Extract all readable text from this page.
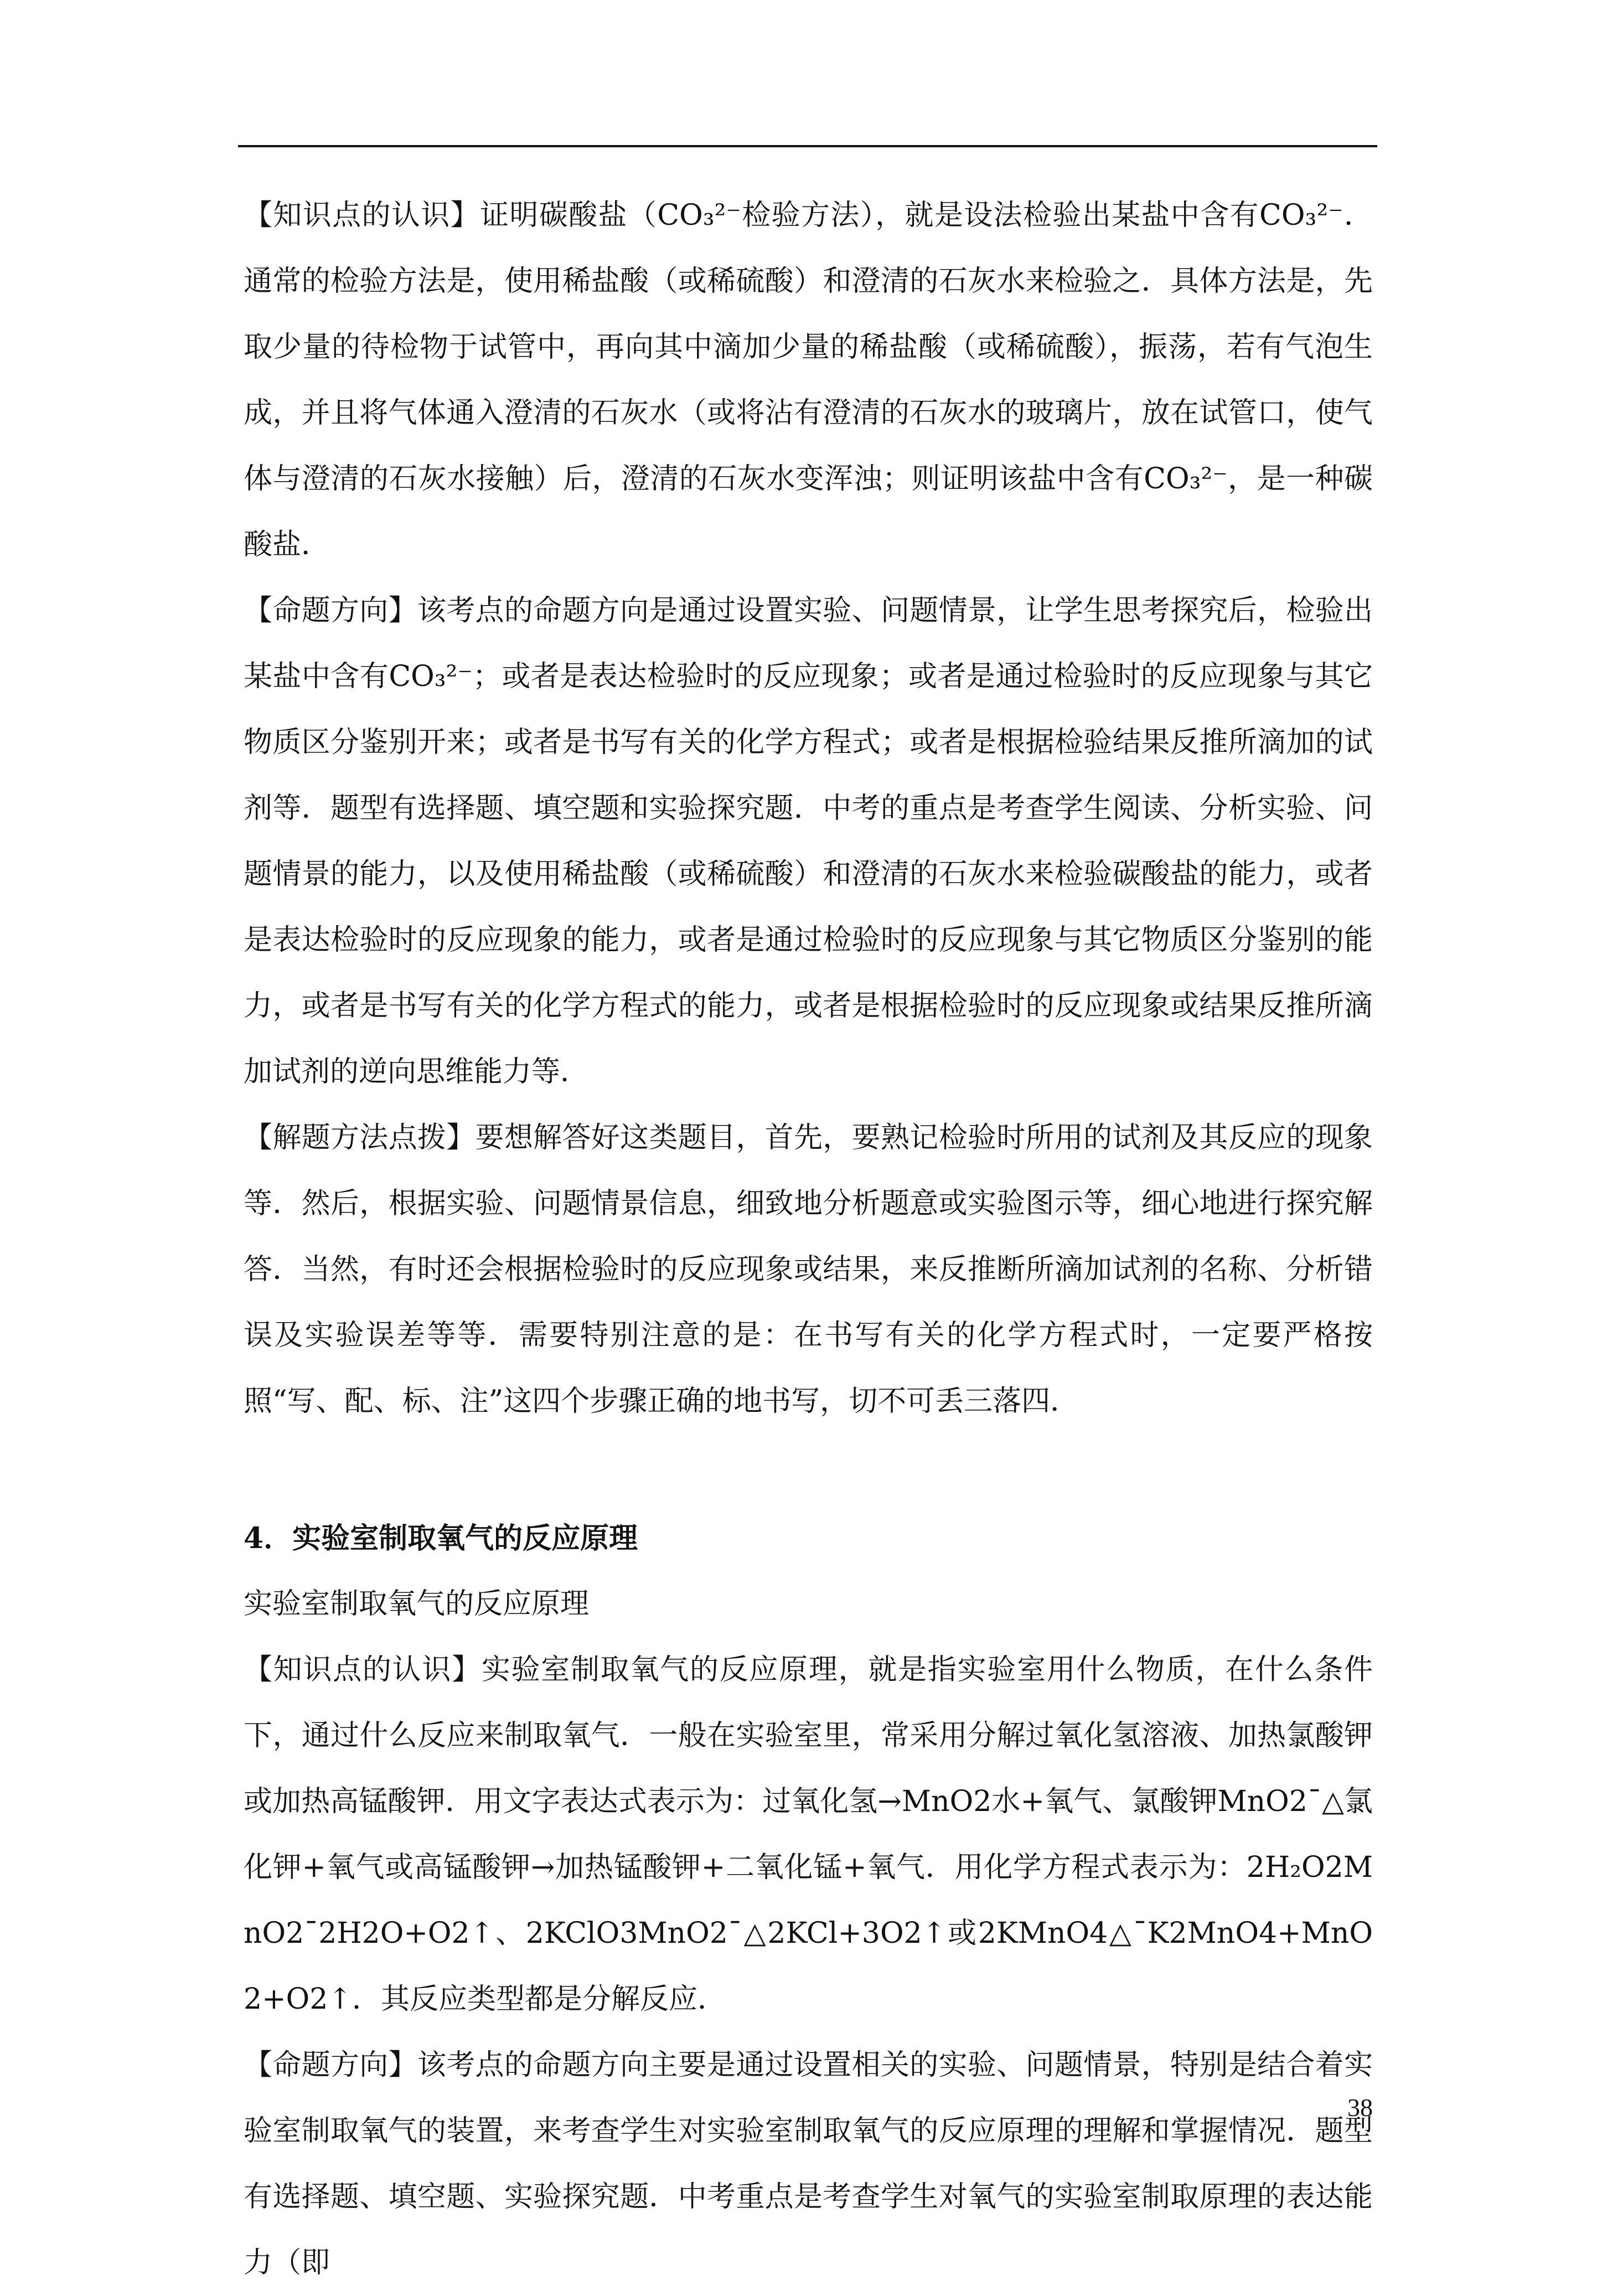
【知识点的认识】证明碳酸盐（CO₃²⁻检验方法），就是设法检验出某盐中含有CO₃²⁻．通常的检验方法是，使用稀盐酸（或稀硫酸）和澄清的石灰水来检验之．具体方法是，先取少量的待检物于试管中，再向其中滴加少量的稀盐酸（或稀硫酸），振荡，若有气泡生成，并且将气体通入澄清的石灰水（或将沾有澄清的石灰水的玻璃片，放在试管口，使气体与澄清的石灰水接触）后，澄清的石灰水变浑浊；则证明该盐中含有CO₃²⁻，是一种碳酸盐．

【命题方向】该考点的命题方向是通过设置实验、问题情景，让学生思考探究后，检验出某盐中含有CO₃²⁻；或者是表达检验时的反应现象；或者是通过检验时的反应现象与其它物质区分鉴别开来；或者是书写有关的化学方程式；或者是根据检验结果反推所滴加的试剂等．题型有选择题、填空题和实验探究题．中考的重点是考查学生阅读、分析实验、问题情景的能力，以及使用稀盐酸（或稀硫酸）和澄清的石灰水来检验碳酸盐的能力，或者是表达检验时的反应现象的能力，或者是通过检验时的反应现象与其它物质区分鉴别的能力，或者是书写有关的化学方程式的能力，或者是根据检验时的反应现象或结果反推所滴加试剂的逆向思维能力等．

【解题方法点拨】要想解答好这类题目，首先，要熟记检验时所用的试剂及其反应的现象等．然后，根据实验、问题情景信息，细致地分析题意或实验图示等，细心地进行探究解答．当然，有时还会根据检验时的反应现象或结果，来反推断所滴加试剂的名称、分析错误及实验误差等等．需要特别注意的是：在书写有关的化学方程式时，一定要严格按照“写、配、标、注”这四个步骤正确的地书写，切不可丢三落四．

4．实验室制取氧气的反应原理

实验室制取氧气的反应原理

【知识点的认识】实验室制取氧气的反应原理，就是指实验室用什么物质，在什么条件下，通过什么反应来制取氧气．一般在实验室里，常采用分解过氧化氢溶液、加热氯酸钾或加热高锰酸钾．用文字表达式表示为：过氧化氢→MnO2水+氧气、氯酸钾MnO2¯△氯化钾+氧气或高锰酸钾→加热锰酸钾+二氧化锰+氧气．用化学方程式表示为：2H₂O2MnO2¯2H2O+O2↑、2KClO3MnO2¯△2KCl+3O2↑或2KMnO4△¯K2MnO4+MnO2+O2↑．其反应类型都是分解反应．

【命题方向】该考点的命题方向主要是通过设置相关的实验、问题情景，特别是结合着实验室制取氧气的装置，来考查学生对实验室制取氧气的反应原理的理解和掌握情况．题型有选择题、填空题、实验探究题．中考重点是考查学生对氧气的实验室制取原理的表达能力（即

38
